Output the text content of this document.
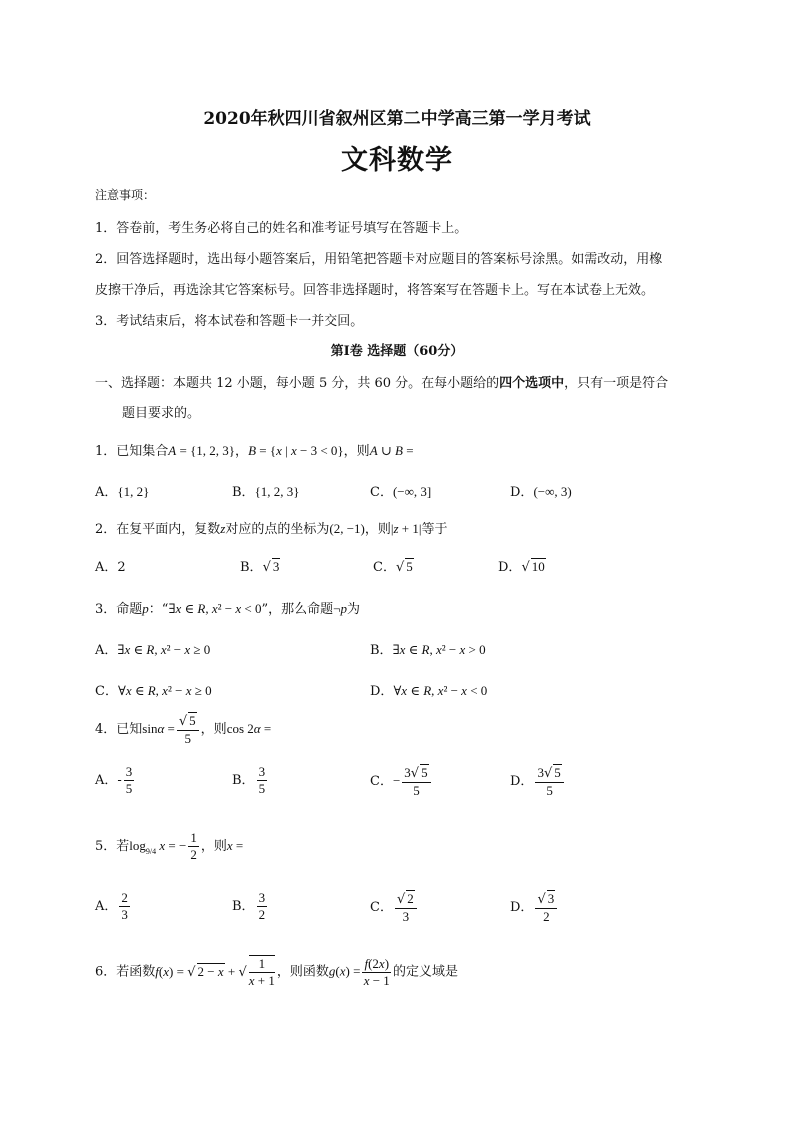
2020年秋四川省叙州区第二中学高三第一学月考试
文科数学
注意事项：
1．答卷前，考生务必将自己的姓名和准考证号填写在答题卡上。
2．回答选择题时，选出每小题答案后，用铅笔把答题卡对应题目的答案标号涂黑。如需改动，用橡
皮擦干净后，再选涂其它答案标号。回答非选择题时，将答案写在答题卡上。写在本试卷上无效。
3．考试结束后，将本试卷和答题卡一并交回。
第Ⅰ卷 选择题（60分）
一、选择题：本题共 12 小题，每小题 5 分，共 60 分。在每小题给的四个选项中，只有一项是符合
题目要求的。
1．已知集合A = {1, 2, 3}，B = {x | x − 3 < 0}，则A ∪ B =
A．{1, 2}	B．{1, 2, 3}	C．(−∞, 3]	D．(−∞, 3)
2．在复平面内，复数z对应的点的坐标为(2, −1)，则|z + 1|等于
A．2	B．√ 3	C．√ 5	D．√ 10
3．命题p：“∃x ∈ R, x² − x < 0”，那么命题¬p为
A．∃x ∈ R, x² − x ≥ 0	B．∃x ∈ R, x² − x > 0
C．∀x ∈ R, x² − x ≥ 0	D．∀x ∈ R, x² − x < 0
4．已知$\sin\alpha = \frac{√ 5}{5}$ ，则cos 2α =
A．- $\frac{3}{5}$	B． $\frac{3}{5}$	C．− $\frac{3√ 5}{5}$	D． $\frac{3√ 5}{5}$
5．若$\log_{9/4} x$ = − $\frac{1}{2}$ ，则x =
A． $\frac{2}{3}$	B． $\frac{3}{2}$	C． $\frac{√ 2}{3}$	D． $\frac{√ 3}{2}$
6．若函数f(x) = √ 2 − x + √ $\frac{1}{x + 1}$ ，则函数$g(x) = \frac{f(2x)}{x - 1}$ 的定义域是
